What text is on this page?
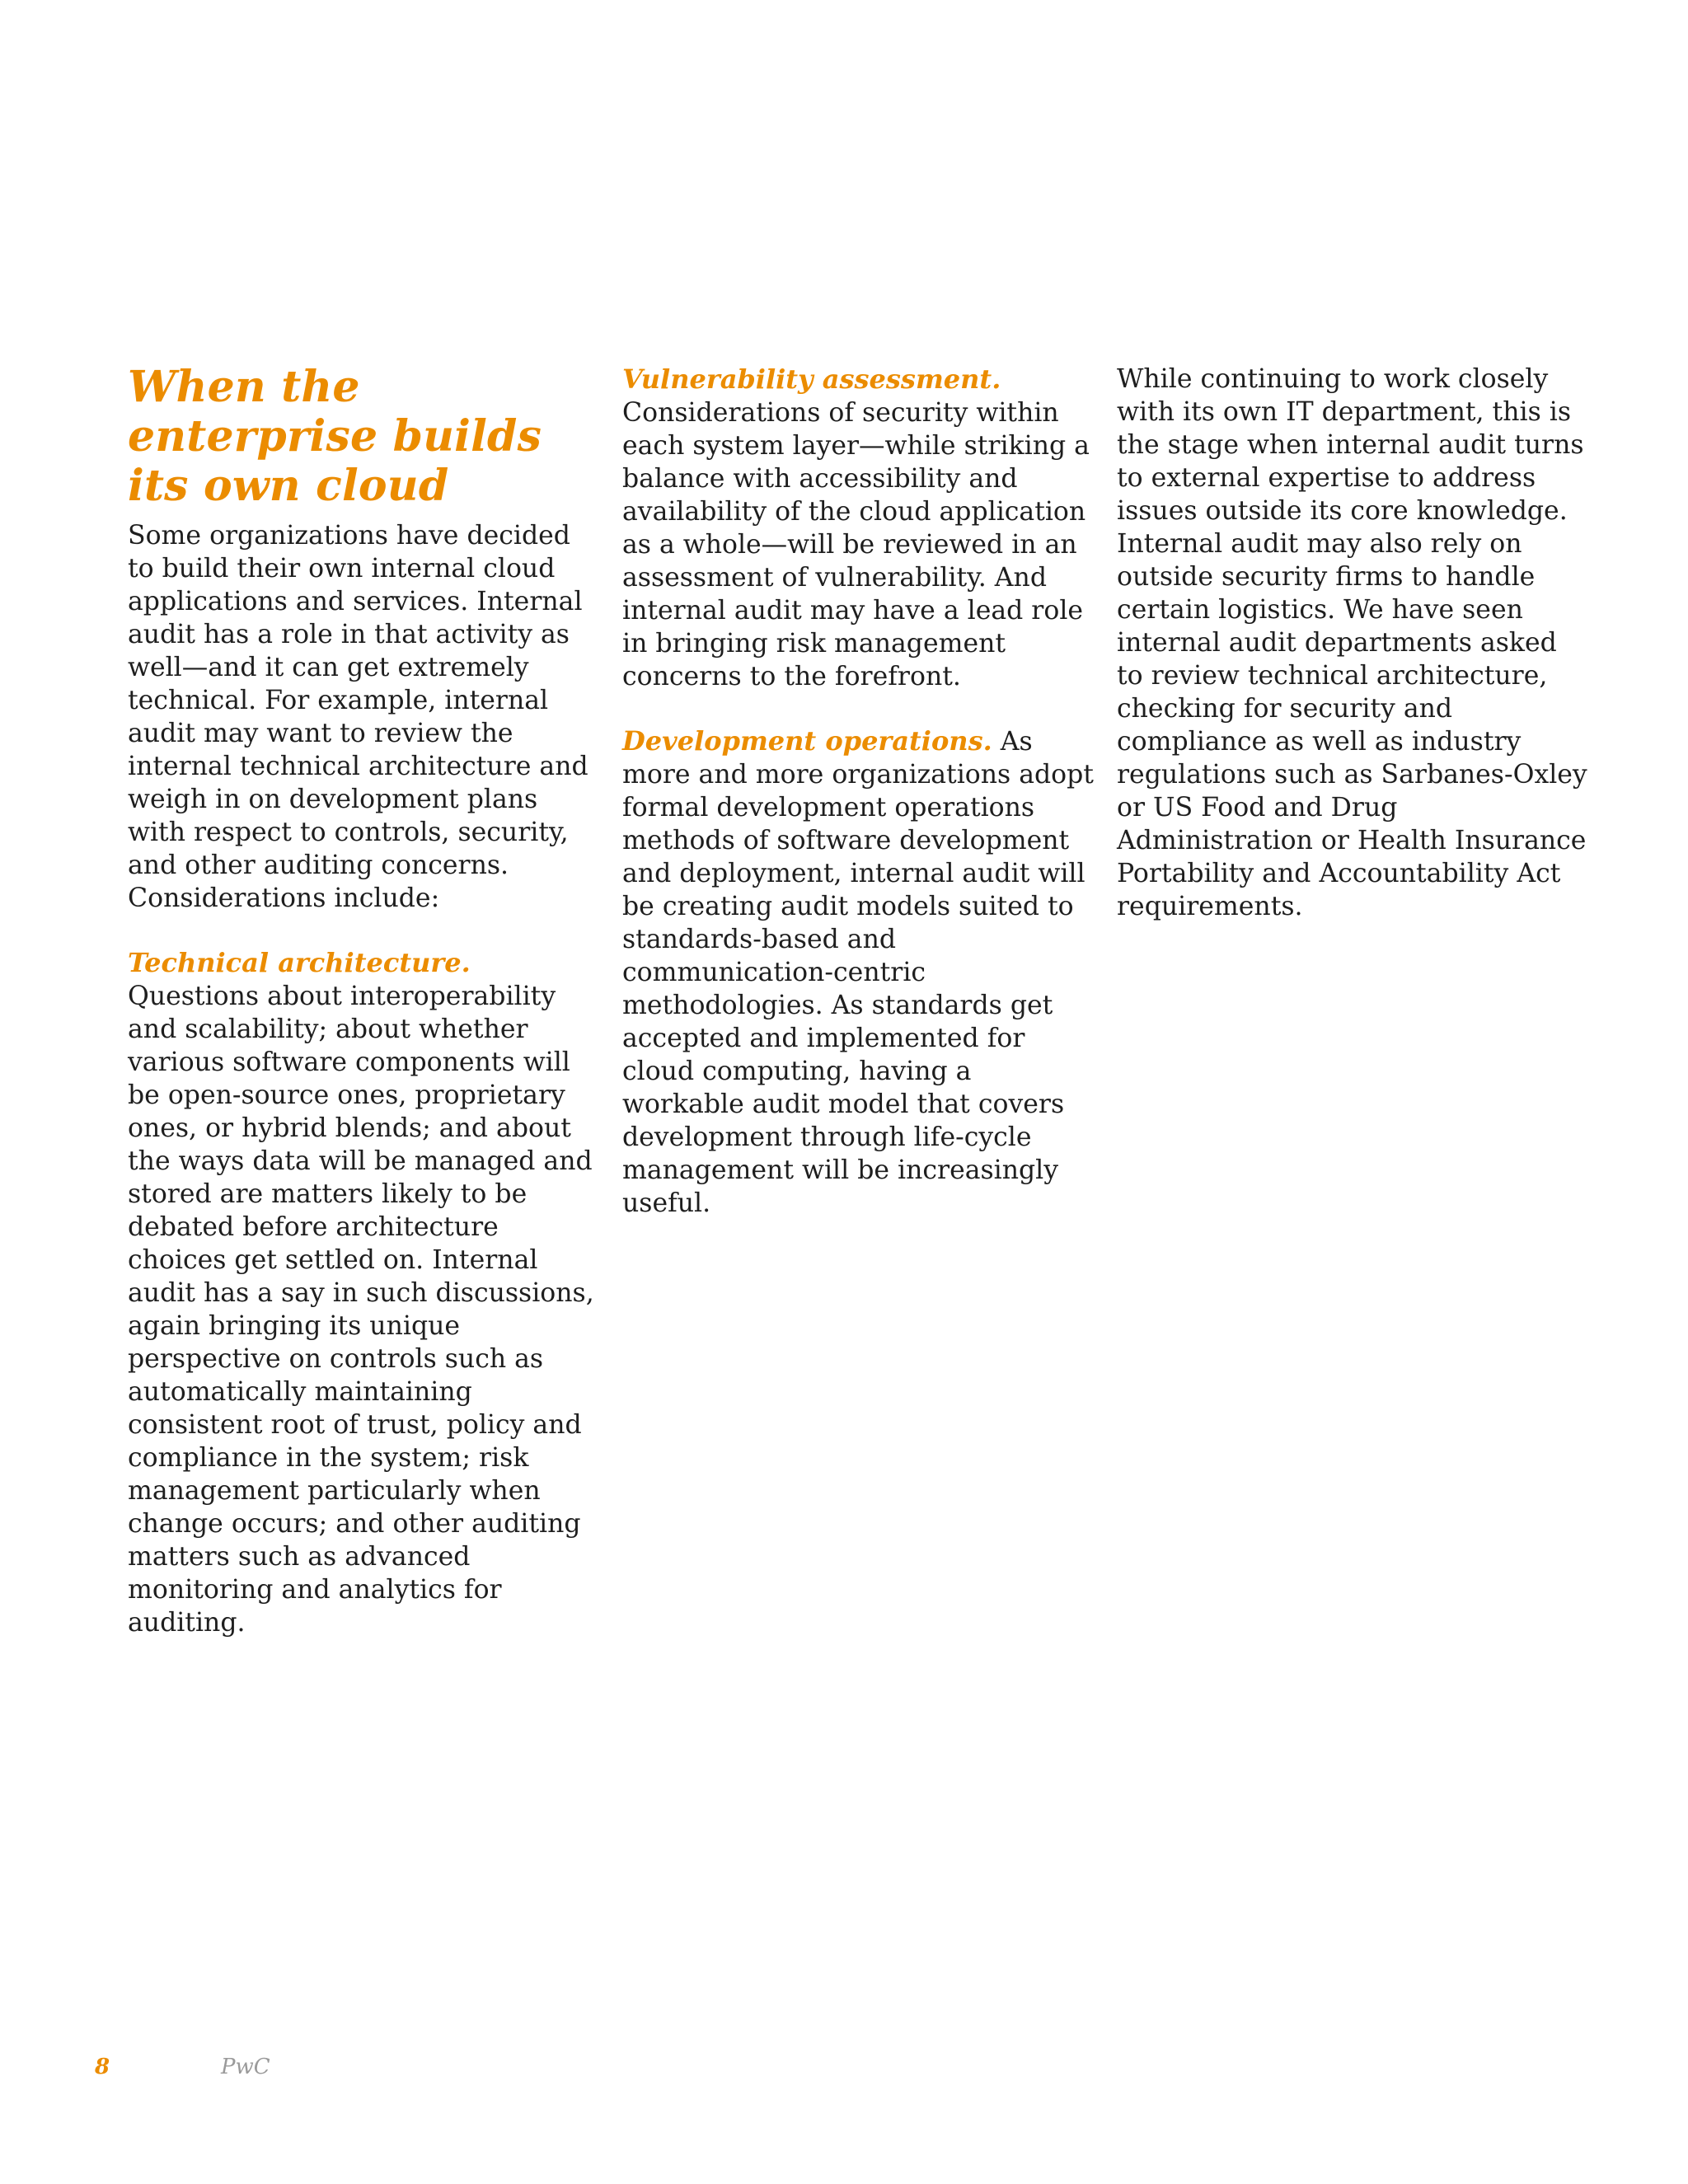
When the enterprise builds its own cloud

Some organizations have decided to build their own internal cloud applications and services. Internal audit has a role in that activity as well—and it can get extremely technical. For example, internal audit may want to review the internal technical architecture and weigh in on development plans with respect to controls, security, and other auditing concerns. Considerations include:

Technical architecture. Questions about interoperability and scalability; about whether various software components will be open-source ones, proprietary ones, or hybrid blends; and about the ways data will be managed and stored are matters likely to be debated before architecture choices get settled on. Internal audit has a say in such discussions, again bringing its unique perspective on controls such as automatically maintaining consistent root of trust, policy and compliance in the system; risk management particularly when change occurs; and other auditing matters such as advanced monitoring and analytics for auditing.

Vulnerability assessment. Considerations of security within each system layer—while striking a balance with accessibility and availability of the cloud application as a whole—will be reviewed in an assessment of vulnerability. And internal audit may have a lead role in bringing risk management concerns to the forefront.

Development operations. As more and more organizations adopt formal development operations methods of software development and deployment, internal audit will be creating audit models suited to standards-based and communication-centric methodologies. As standards get accepted and implemented for cloud computing, having a workable audit model that covers development through life-cycle management will be increasingly useful.

While continuing to work closely with its own IT department, this is the stage when internal audit turns to external expertise to address issues outside its core knowledge. Internal audit may also rely on outside security firms to handle certain logistics. We have seen internal audit departments asked to review technical architecture, checking for security and compliance as well as industry regulations such as Sarbanes-Oxley or US Food and Drug Administration or Health Insurance Portability and Accountability Act requirements.

8	PwC
